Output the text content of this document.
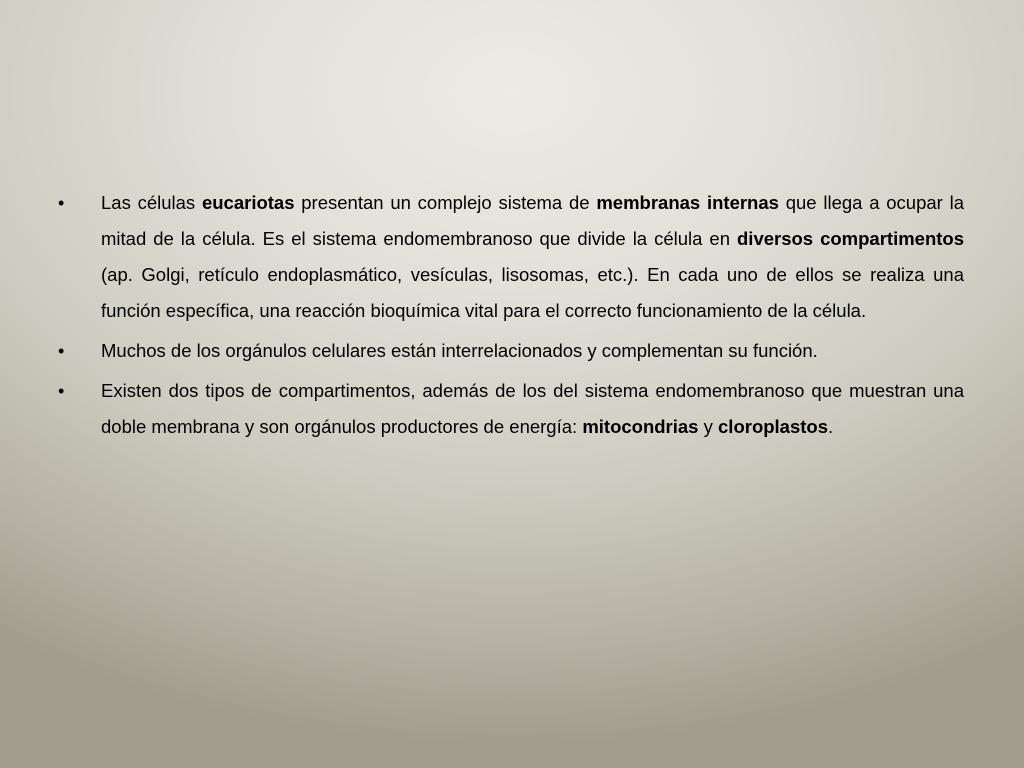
• Las células eucariotas presentan un complejo sistema de membranas internas que llega a ocupar la mitad de la célula. Es el sistema endomembranoso que divide la célula en diversos compartimentos (ap. Golgi, retículo endoplasmático, vesículas, lisosomas, etc.). En cada uno de ellos se realiza una función específica, una reacción bioquímica vital para el correcto funcionamiento de la célula.
• Muchos de los orgánulos celulares están interrelacionados y complementan su función.
• Existen dos tipos de compartimentos, además de los del sistema endomembranoso que muestran una doble membrana y son orgánulos productores de energía: mitocondrias y cloroplastos.
